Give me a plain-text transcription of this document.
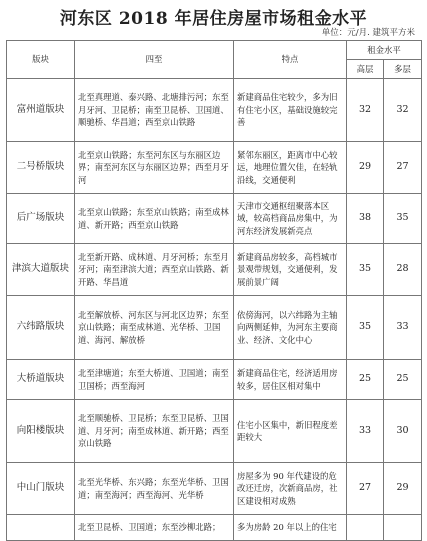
河东区 2018 年居住房屋市场租金水平
单位：元/月. 建筑平方米
版块	四至	特点	租金水平	
			高层	多层
富州道版块	北至真理道、泰兴路、北塘排污河；东至月牙河、卫昆桥；南至卫昆桥、卫国道、顺驰桥、华昌道；西至京山铁路	新建商品住宅较少，多为旧有住宅小区，基础设施较完善	32	32
二号桥版块	北至京山铁路；东至河东区与东丽区边界；南至河东区与东丽区边界；西至月牙河	紧邻东丽区，距离市中心较远，地理位置欠佳，在轻轨沿线，交通便利	29	27
后广场版块	北至京山铁路；东至京山铁路；南至成林道、新开路；西至京山铁路	天津市交通枢纽聚落本区域，较高档商品房集中，为河东经济发展新亮点	38	35
津滨大道版块	北至新开路、成林道、月牙河桥；东至月牙河；南至津滨大道；西至京山铁路、新开路、华昌道	新建商品房较多，高档城市景观带规划，交通便利，发展前景广阔	35	28
六纬路版块	北至解放桥、河东区与河北区边界；东至京山铁路；南至成林道、光华桥、卫国道、海河、解放桥	依傍海河，以六纬路为主轴向两侧延伸，为河东主要商业、经济、文化中心	35	33
大桥道版块	北至津塘道；东至大桥道、卫国道；南至卫国桥；西至海河	新建商品住宅，经济适用房较多，居住区相对集中	25	25
向阳楼版块	北至顺驰桥、卫昆桥；东至卫昆桥、卫国道、月牙河；南至成林道、新开路；西至京山铁路	住宅小区集中，新旧程度差距较大	33	30
中山门版块	北至光华桥、东兴路；东至光华桥、卫国道；南至海河；西至海河、光华桥	房屋多为 90 年代建设的危改还迁房，次新商品房，社区建设相对成熟	27	29
	北至卫昆桥、卫国道；东至沙柳北路；	多为房龄 20 年以上的住宅		
